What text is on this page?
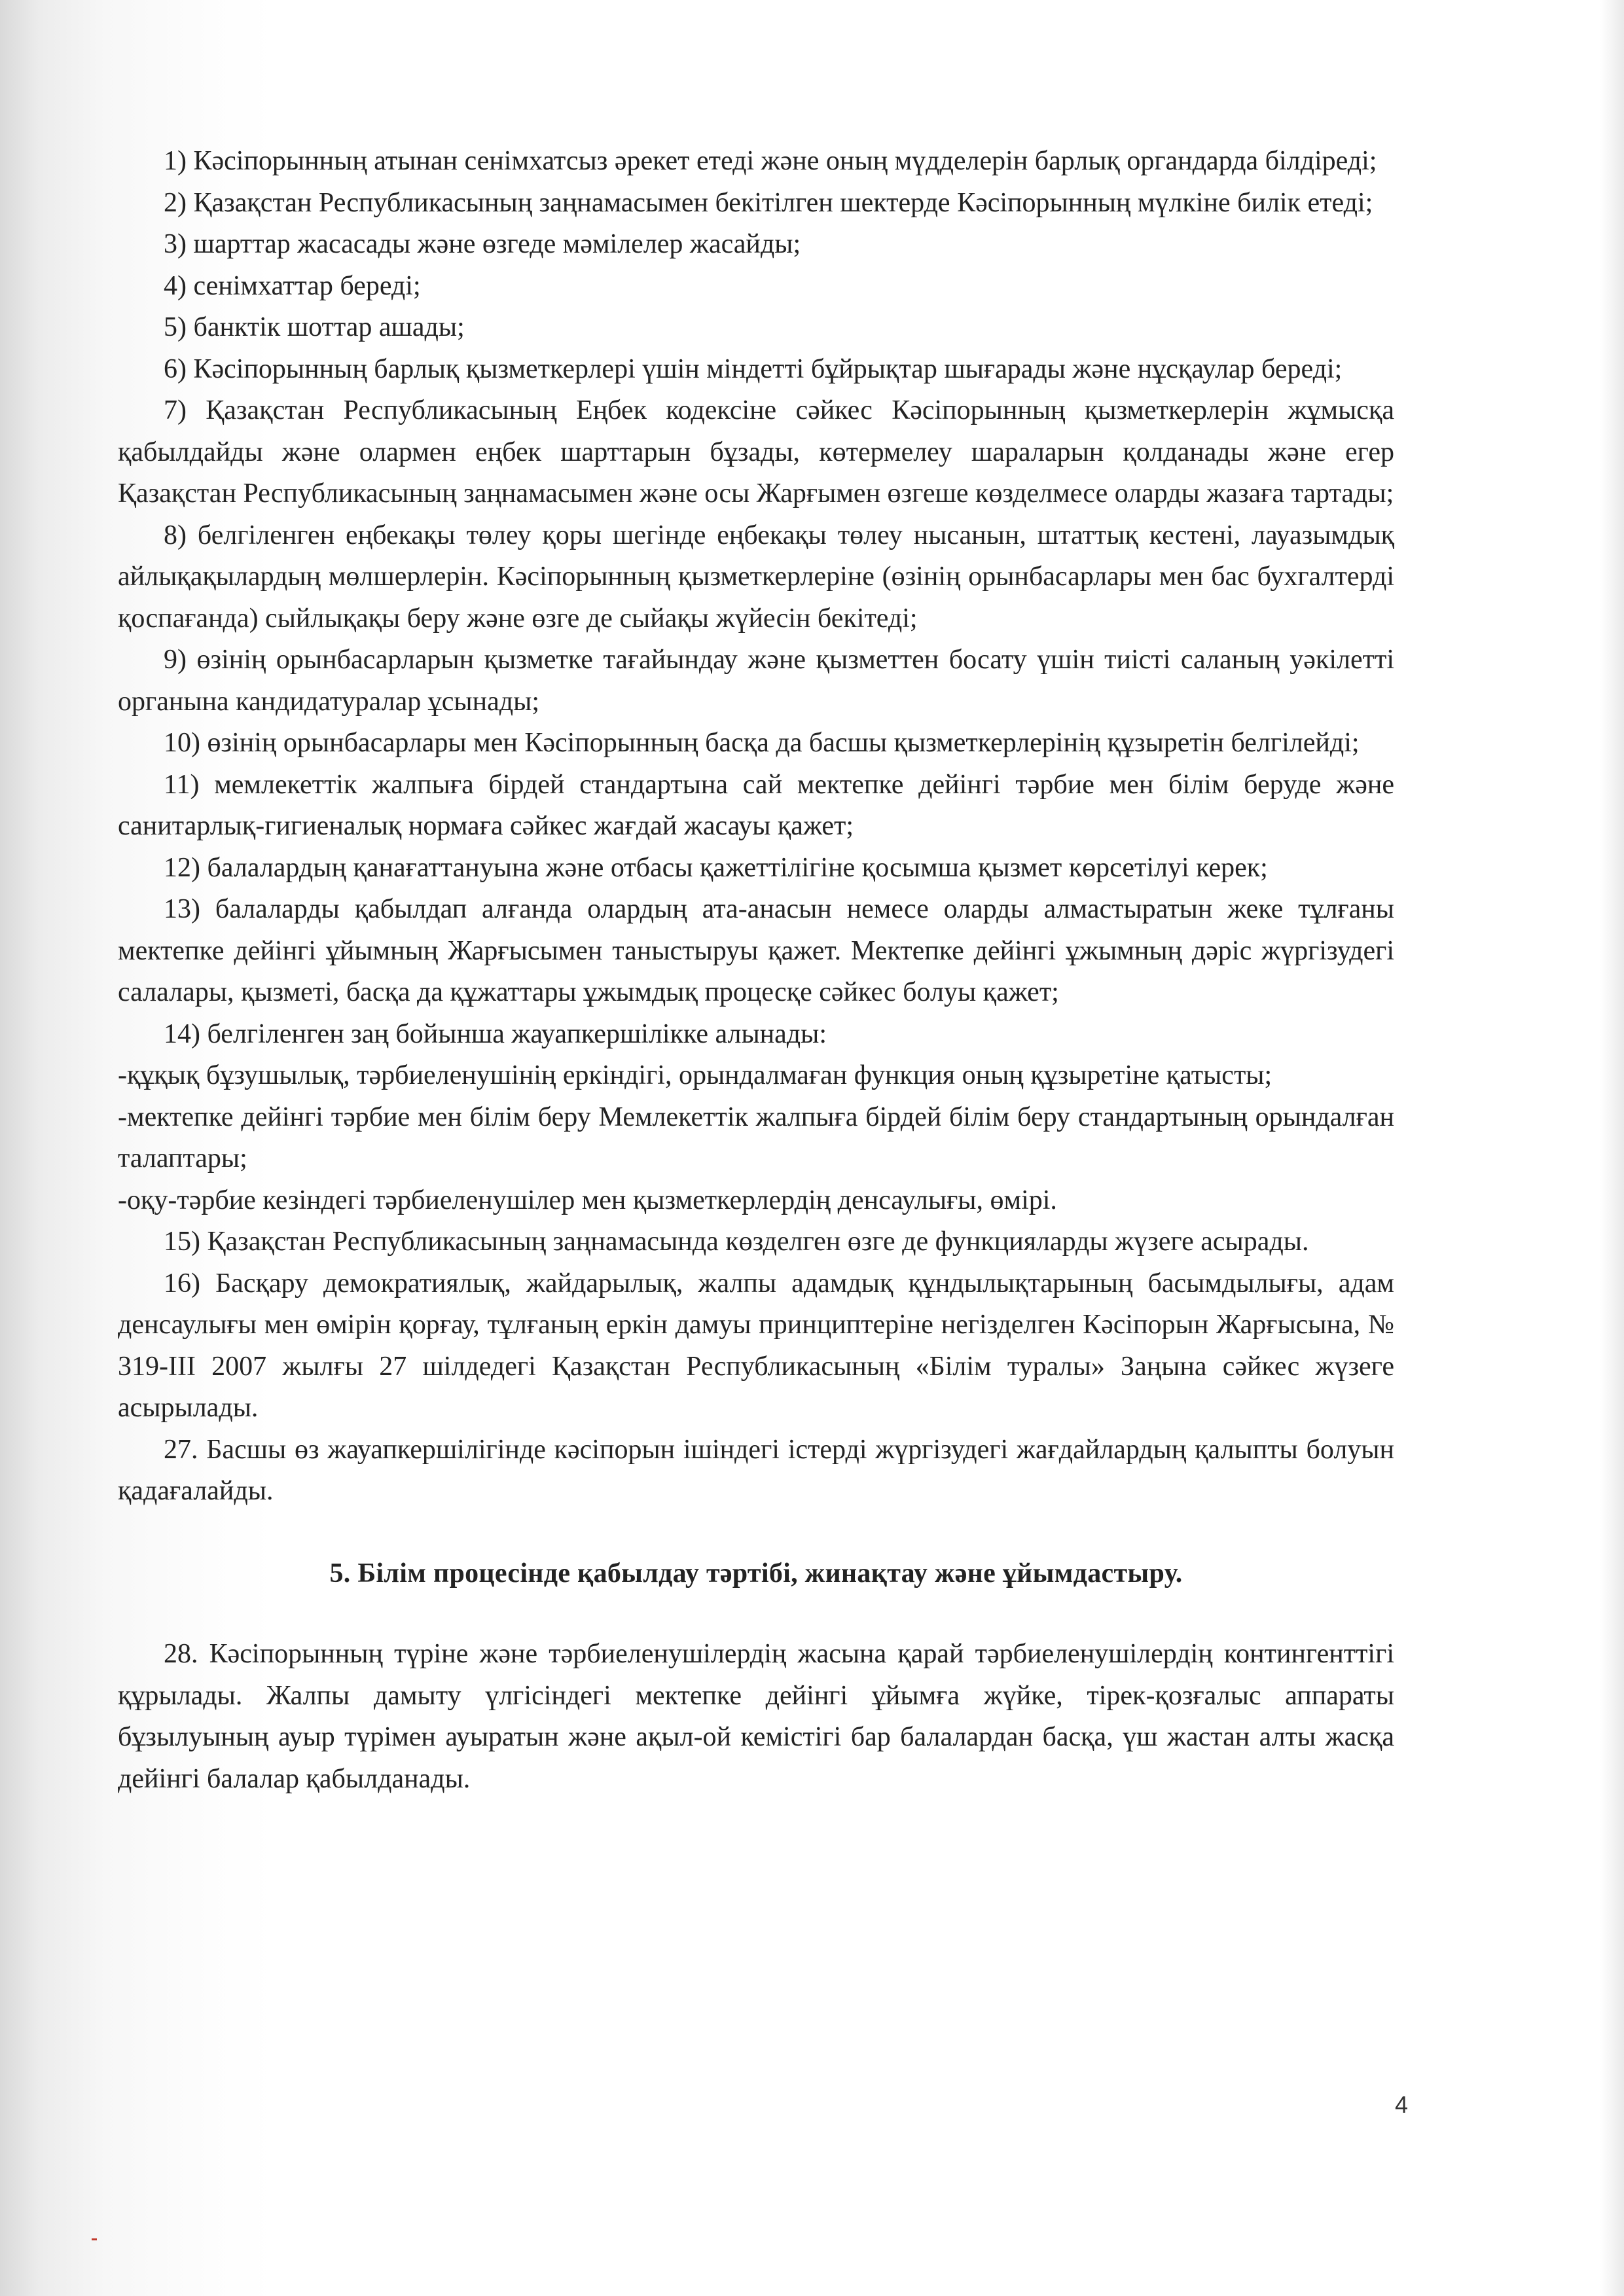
1) Кәсіпорынның атынан сенімхатсыз әрекет етеді және оның мүдделерін барлық органдарда білдіреді;

2) Қазақстан Республикасының заңнамасымен бекітілген шектерде Кәсіпорынның мүлкіне билік етеді;

3) шарттар жасасады және өзгеде мәмілелер жасайды;

4) сенімхаттар береді;

5) банктік шоттар ашады;

6) Кәсіпорынның барлық қызметкерлері үшін міндетті бұйрықтар шығарады және нұсқаулар береді;

7) Қазақстан Республикасының Еңбек кодексіне сәйкес Кәсіпорынның қызметкерлерін жұмысқа қабылдайды және олармен еңбек шарттарын бұзады, көтермелеу шараларын қолданады және егер Қазақстан Республикасының заңнамасымен және осы Жарғымен өзгеше көзделмесе оларды жазаға тартады;

8) белгіленген еңбекақы төлеу қоры шегінде еңбекақы төлеу нысанын, штаттық кестені, лауазымдық айлықақылардың мөлшерлерін. Кәсіпорынның қызметкерлеріне (өзінің орынбасарлары мен бас бухгалтерді қоспағанда) сыйлықақы беру және өзге де сыйақы жүйесін бекітеді;

9) өзінің орынбасарларын қызметке тағайындау және қызметтен босату үшін тиісті саланың уәкілетті органына кандидатуралар ұсынады;

10) өзінің орынбасарлары мен Кәсіпорынның басқа да басшы қызметкерлерінің құзыретін белгілейді;

11) мемлекеттік жалпыға бірдей стандартына сай мектепке дейінгі тәрбие мен білім беруде және санитарлық-гигиеналық нормаға сәйкес жағдай жасауы қажет;

12) балалардың қанағаттануына және отбасы қажеттілігіне қосымша қызмет көрсетілуі керек;

13) балаларды қабылдап алғанда олардың ата-анасын немесе оларды алмастыратын жеке тұлғаны мектепке дейінгі ұйымның Жарғысымен таныстыруы қажет. Мектепке дейінгі ұжымның дәріс жүргізудегі салалары, қызметі, басқа да құжаттары ұжымдық процесқе сәйкес болуы қажет;

14) белгіленген заң бойынша жауапкершілікке алынады:

-құқық бұзушылық, тәрбиеленушінің еркіндігі, орындалмаған функция оның құзыретіне қатысты;

-мектепке дейінгі тәрбие мен білім беру Мемлекеттік жалпыға бірдей білім беру стандартының орындалған талаптары;

-оқу-тәрбие кезіндегі тәрбиеленушілер мен қызметкерлердің денсаулығы, өмірі.

15) Қазақстан Республикасының заңнамасында көзделген өзге де функцияларды жүзеге асырады.

16) Басқару демократиялық, жайдарылық, жалпы адамдық құндылықтарының басымдылығы, адам денсаулығы мен өмірін қорғау, тұлғаның еркін дамуы принциптеріне негізделген Кәсіпорын Жарғысына, № 319-III 2007 жылғы 27 шілдедегі Қазақстан Республикасының «Білім туралы» Заңына сәйкес жүзеге асырылады.

27. Басшы өз жауапкершілігінде кәсіпорын ішіндегі істерді жүргізудегі жағдайлардың қалыпты болуын қадағалайды.

5. Білім процесінде қабылдау тәртібі, жинақтау және ұйымдастыру.

28. Кәсіпорынның түріне және тәрбиеленушілердің жасына қарай тәрбиеленушілердің контингенттігі құрылады. Жалпы дамыту үлгісіндегі мектепке дейінгі ұйымға жүйке, тірек-қозғалыс аппараты бұзылуының ауыр түрімен ауыратын және ақыл-ой кемістігі бар балалардан басқа, үш жастан алты жасқа дейінгі балалар қабылданады.

4
